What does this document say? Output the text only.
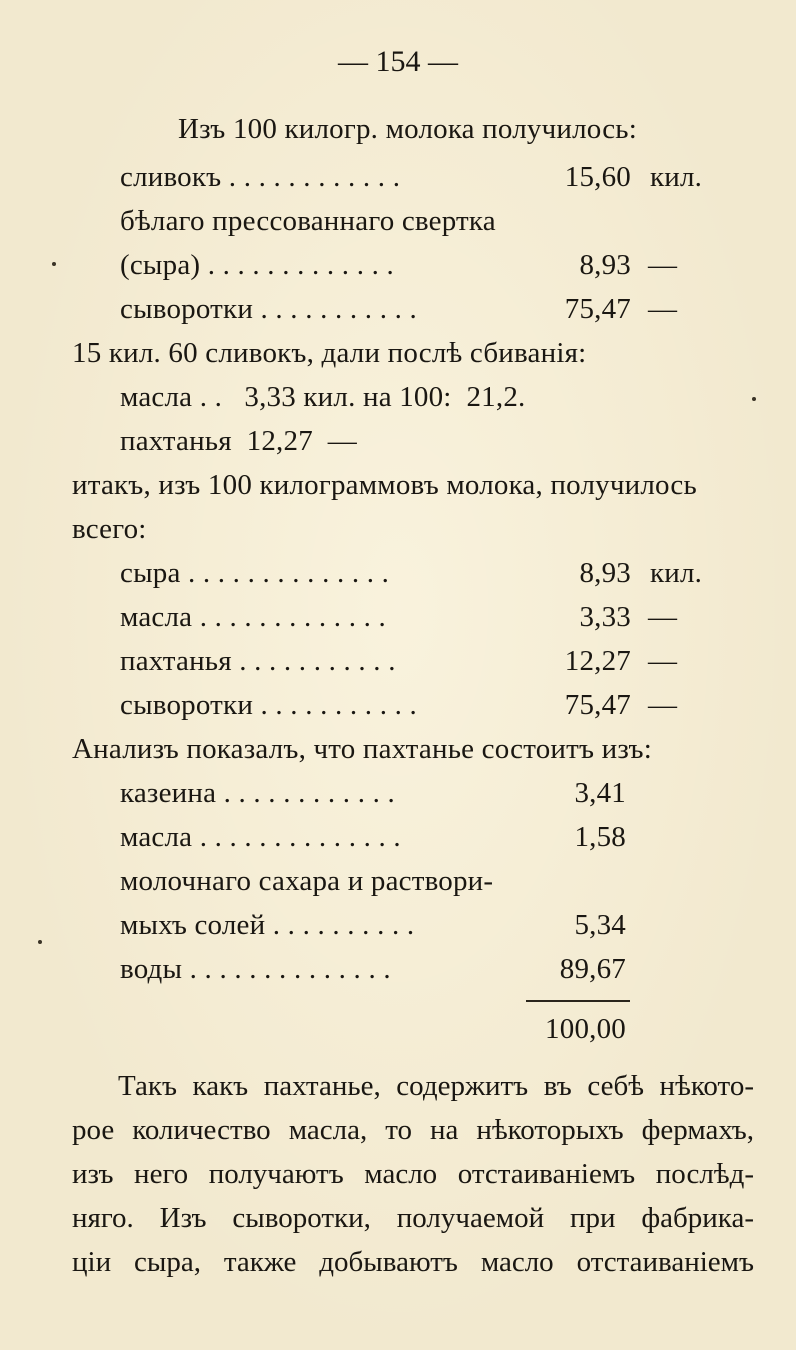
— 154 —
Изъ 100 килогр. молока получилось:
сливокъ . . . . . . . . . . . .	15,60 кил.
бѣлаго прессованнаго свертка
(сыра) . . . . . . . . . . . . .	8,93 —
сыворотки . . . . . . . . . . .	75,47 —
15 кил. 60 сливокъ, дали послѣ сбиванія:
масла . .   3,33 кил. на 100:  21,2.
пахтанья  12,27  —
итакъ, изъ 100 килограммовъ молока, получилось
всего:
сыра . . . . . . . . . . . . . .	8,93 кил.
масла . . . . . . . . . . . . .	3,33 —
пахтанья . . . . . . . . . . .	12,27 —
сыворотки . . . . . . . . . . .	75,47 —
Анализъ показалъ, что пахтанье состоитъ изъ:
казеина . . . . . . . . . . . .	3,41
масла . . . . . . . . . . . . . .	1,58
молочнаго сахара и раствори-
мыхъ солей . . . . . . . . . .	5,34
воды . . . . . . . . . . . . . .	89,67
100,00
Такъ какъ пахтанье, содержитъ въ себѣ нѣкото-
рое количество масла, то на нѣкоторыхъ фермахъ,
изъ него получаютъ масло отстаиваніемъ послѣд-
няго. Изъ сыворотки, получаемой при фабрика-
ціи сыра, также добываютъ масло отстаиваніемъ
